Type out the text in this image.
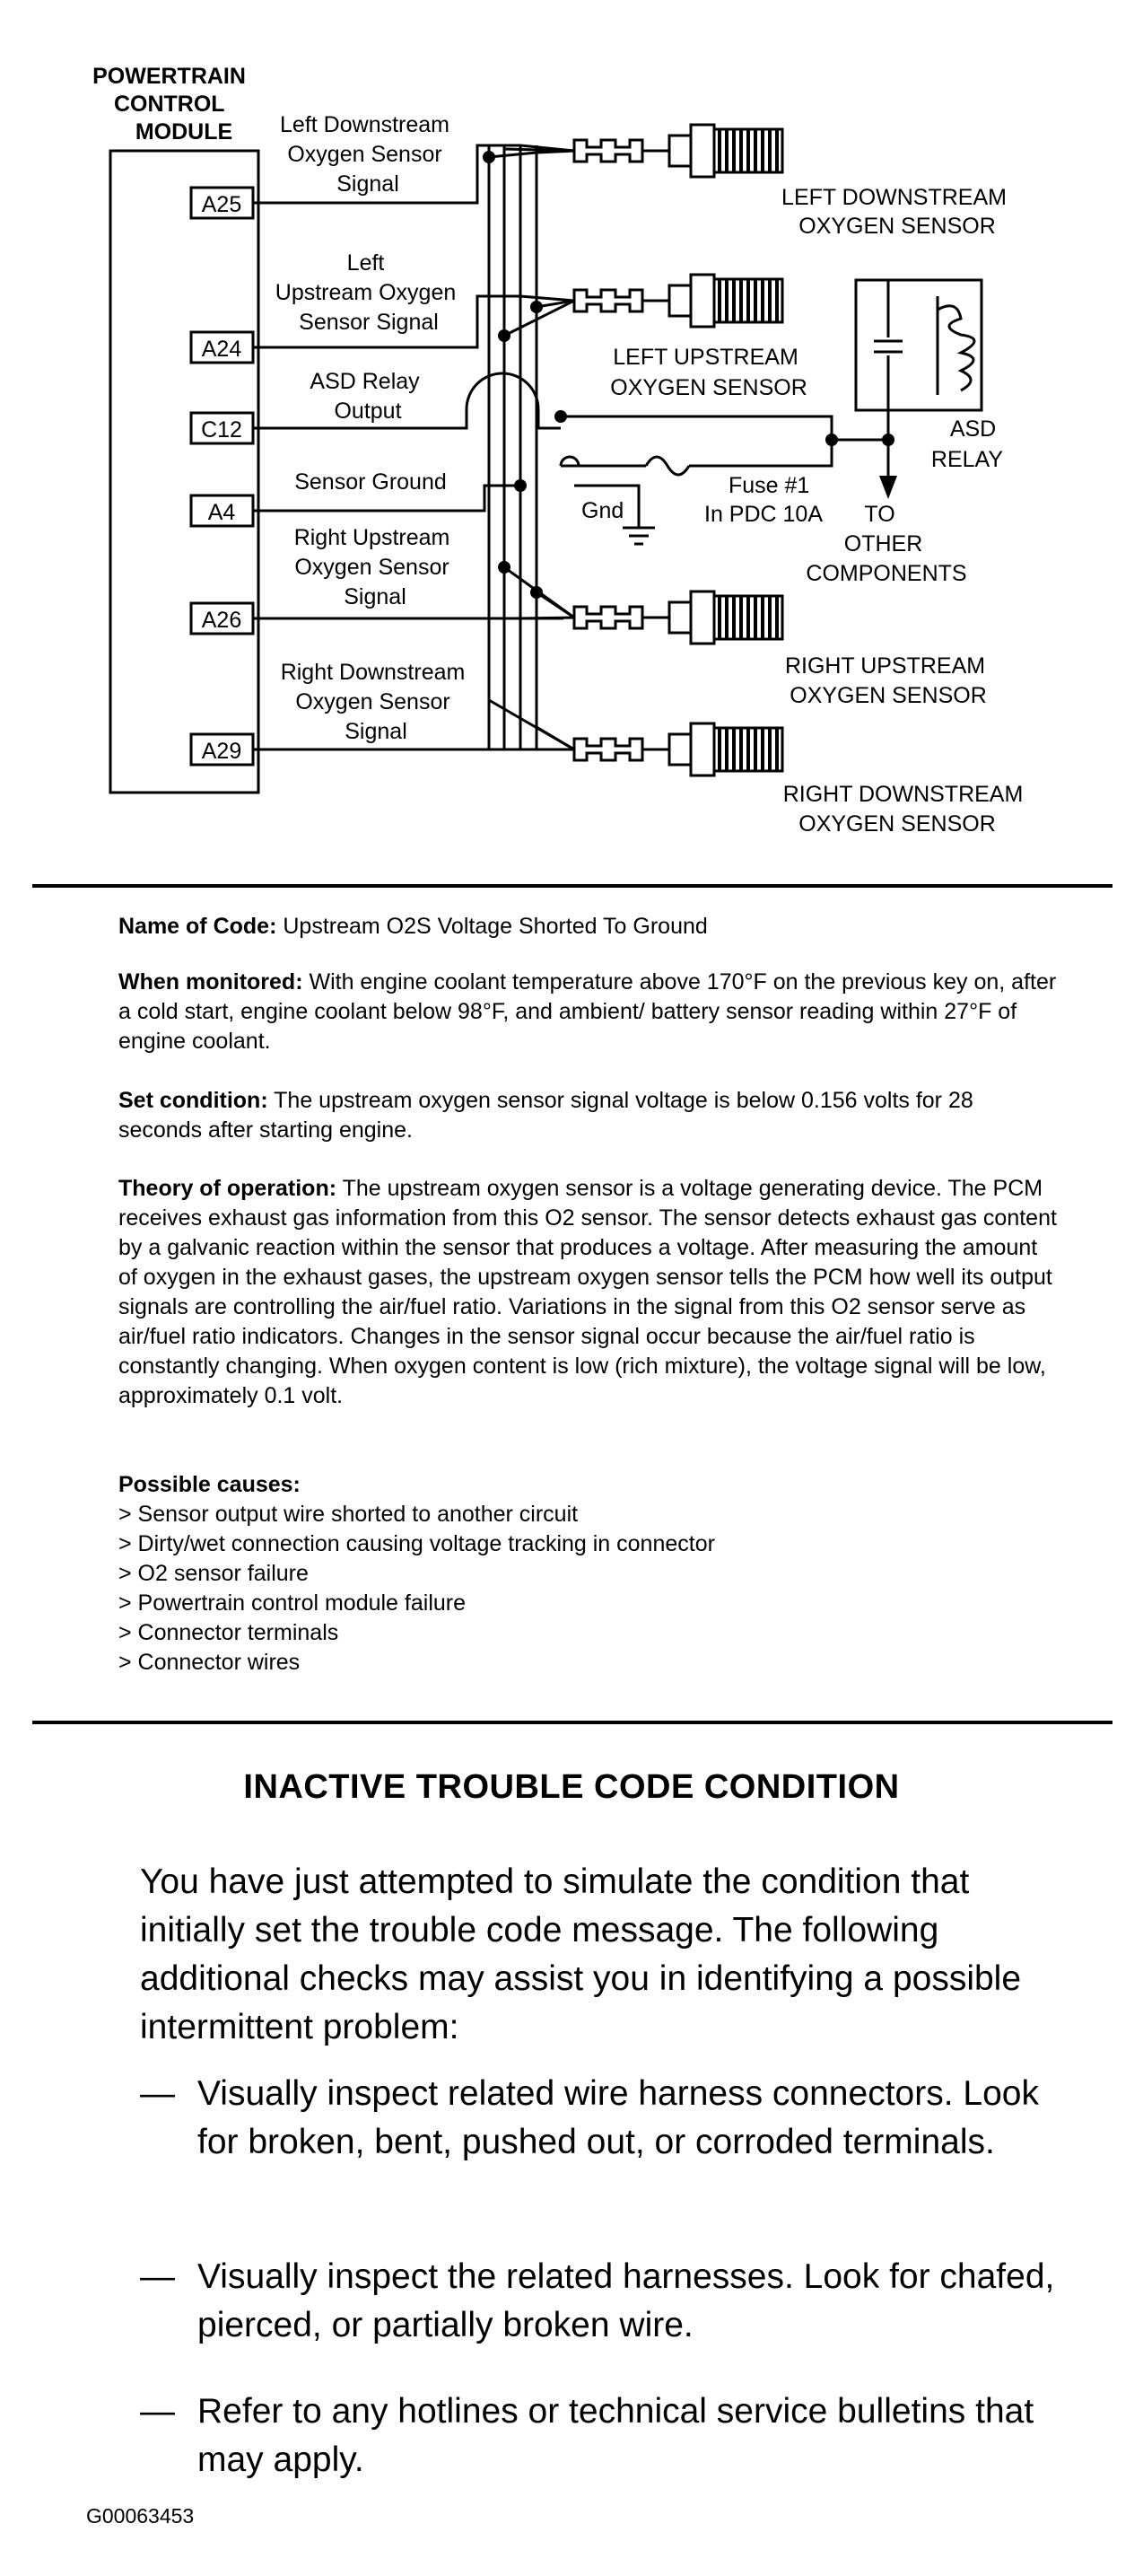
POWERTRAIN CONTROL MODULE
A25
A24
C12
A4
A26
A29
Left Downstream Oxygen Sensor Signal
Left Upstream Oxygen Sensor Signal
ASD Relay Output
Sensor Ground
Right Upstream Oxygen Sensor Signal
Right Downstream Oxygen Sensor Signal
Gnd
Fuse #1 In PDC 10A	TO OTHER COMPONENTS
ASD RELAY
LEFT DOWNSTREAM OXYGEN SENSOR
LEFT UPSTREAM OXYGEN SENSOR
RIGHT UPSTREAM OXYGEN SENSOR
RIGHT DOWNSTREAM OXYGEN SENSOR

Name of Code: Upstream O2S Voltage Shorted To Ground

When monitored: With engine coolant temperature above 170°F on the previous key on, after a cold start, engine coolant below 98°F, and ambient/ battery sensor reading within 27°F of engine coolant.

Set condition: The upstream oxygen sensor signal voltage is below 0.156 volts for 28 seconds after starting engine.

Theory of operation: The upstream oxygen sensor is a voltage generating device. The PCM receives exhaust gas information from this O2 sensor. The sensor detects exhaust gas content by a galvanic reaction within the sensor that produces a voltage. After measuring the amount of oxygen in the exhaust gases, the upstream oxygen sensor tells the PCM how well its output signals are controlling the air/fuel ratio. Variations in the signal from this O2 sensor serve as air/fuel ratio indicators. Changes in the sensor signal occur because the air/fuel ratio is constantly changing. When oxygen content is low (rich mixture), the voltage signal will be low, approximately 0.1 volt.

Possible causes:
> Sensor output wire shorted to another circuit
> Dirty/wet connection causing voltage tracking in connector
> O2 sensor failure
> Powertrain control module failure
> Connector terminals
> Connector wires
INACTIVE TROUBLE CODE CONDITION

You have just attempted to simulate the condition that initially set the trouble code message. The following additional checks may assist you in identifying a possible intermittent problem:

— Visually inspect related wire harness connectors. Look for broken, bent, pushed out, or corroded terminals.
— Visually inspect the related harnesses. Look for chafed, pierced, or partially broken wire.
— Refer to any hotlines or technical service bulletins that may apply.

G00063453
